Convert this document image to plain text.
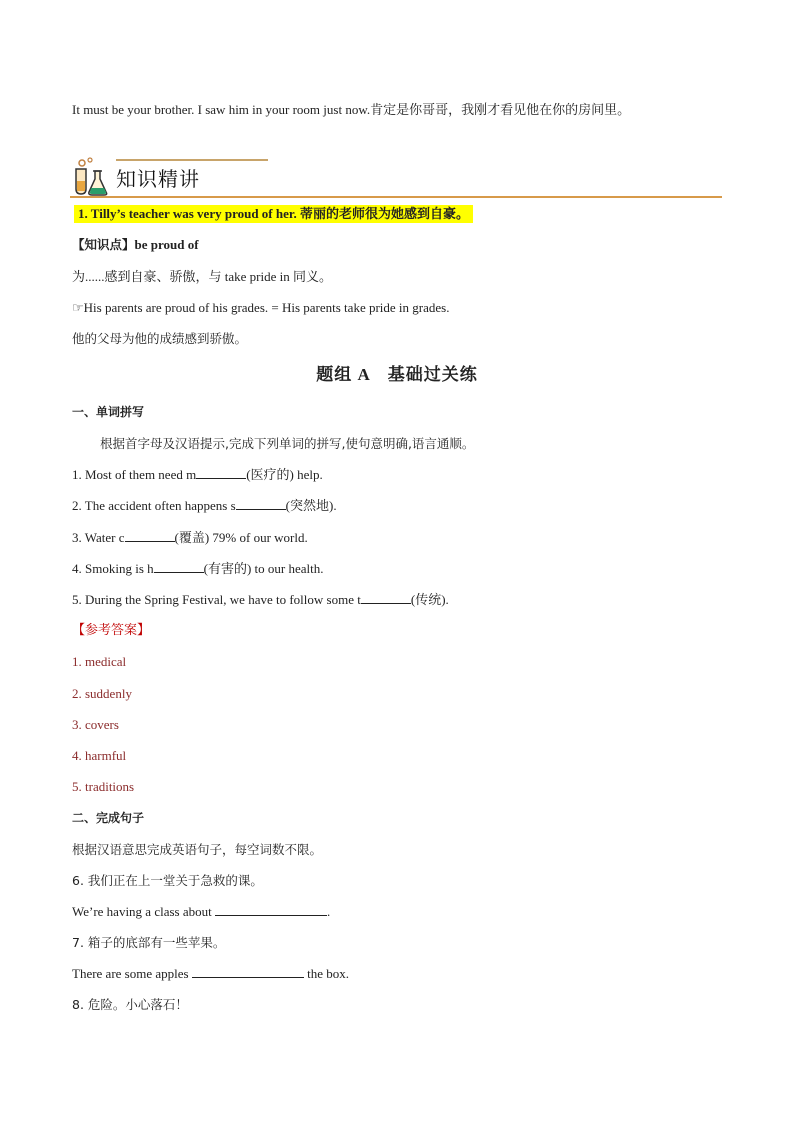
It must be your brother. I saw him in your room just now.肯定是你哥哥，我刚才看见他在你的房间里。
知识精讲
1. Tilly’s teacher was very proud of her. 蒂丽的老师很为她感到自豪。
【知识点】be proud of
为......感到自豪、骄傲，与 take pride in 同义。
☞His parents are proud of his grades. = His parents take pride in grades.
他的父母为他的成绩感到骄傲。
题组 A　基础过关练
一、单词拼写
根据首字母及汉语提示,完成下列单词的拼写,使句意明确,语言通顺。
1. Most of them need m	(医疗的) help.
2. The accident often happens s	(突然地).
3. Water c	(覆盖) 79% of our world.
4. Smoking is h	(有害的) to our health.
5. During the Spring Festival, we have to follow some t	(传统).
【参考答案】
1. medical
2. suddenly
3. covers
4. harmful
5. traditions
二、完成句子
根据汉语意思完成英语句子，每空词数不限。
6. 我们正在上一堂关于急救的课。
We’re having a class about	.
7. 箱子的底部有一些苹果。
There are some apples	the box.
8. 危险。小心落石！
